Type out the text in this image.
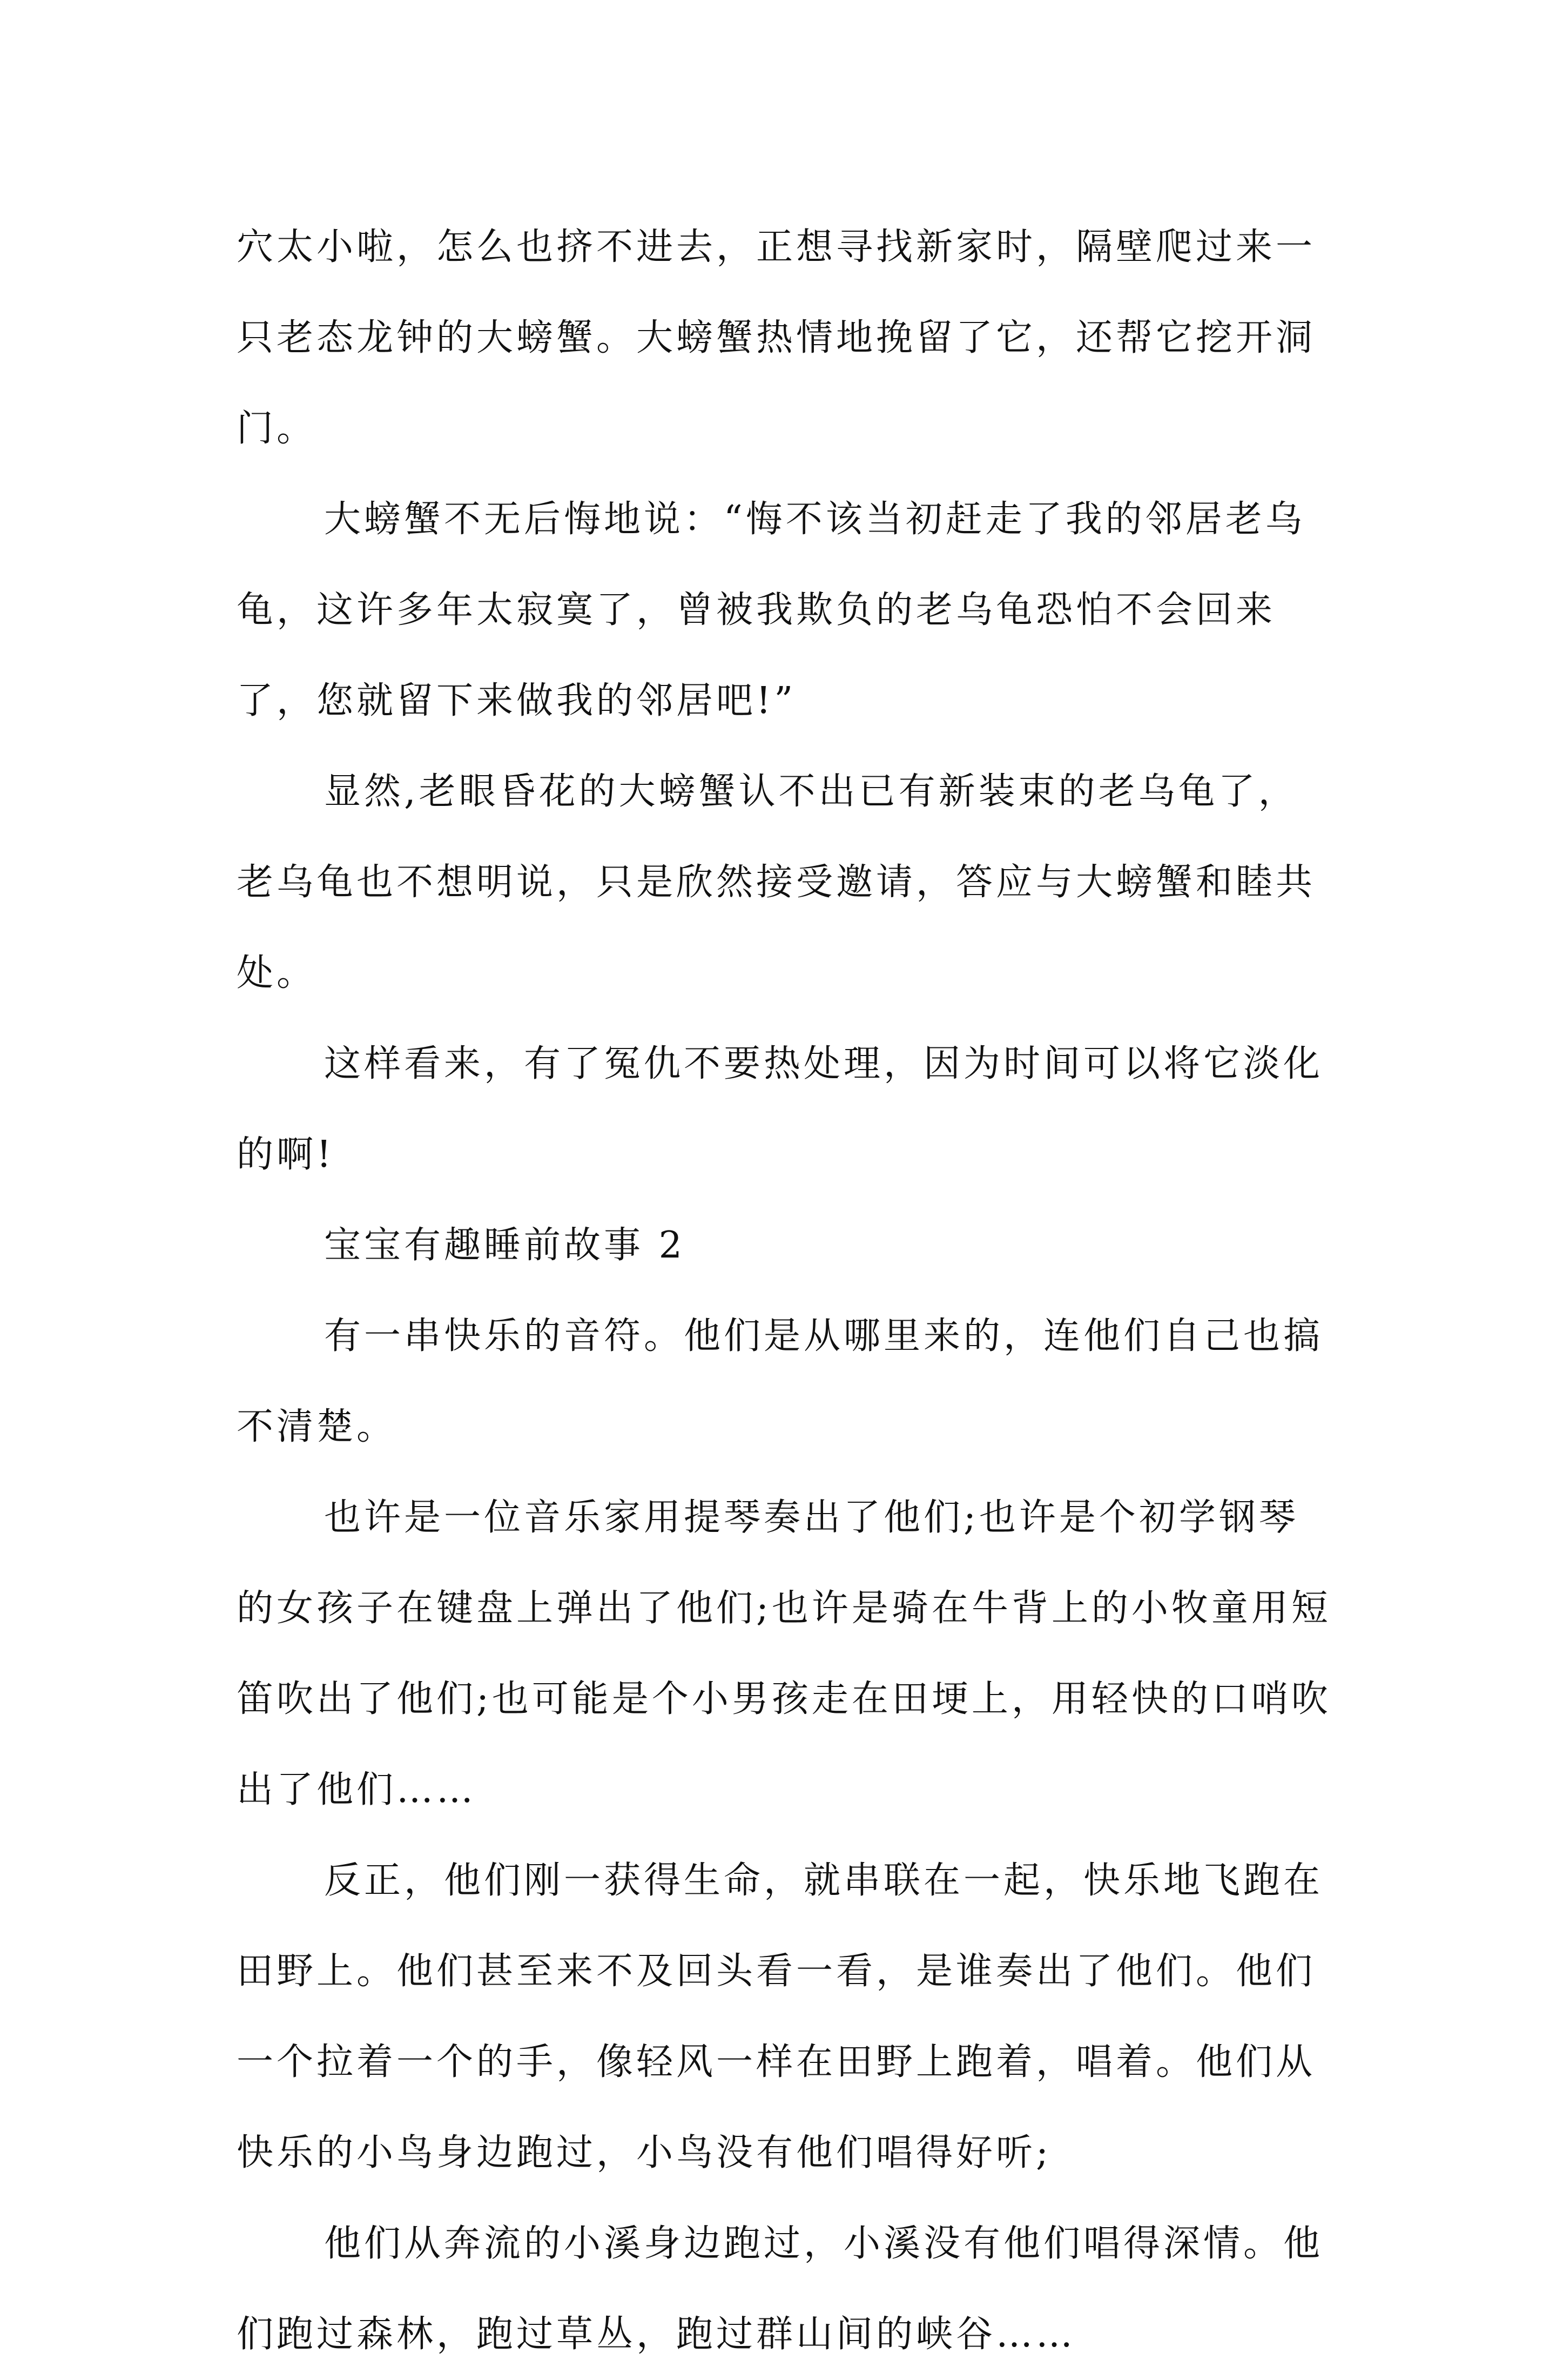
穴太小啦，怎么也挤不进去，正想寻找新家时，隔壁爬过来一只老态龙钟的大螃蟹。大螃蟹热情地挽留了它，还帮它挖开洞门。

大螃蟹不无后悔地说：“悔不该当初赶走了我的邻居老乌龟，这许多年太寂寞了，曾被我欺负的老乌龟恐怕不会回来了，您就留下来做我的邻居吧!”

显然,老眼昏花的大螃蟹认不出已有新装束的老乌龟了，老乌龟也不想明说，只是欣然接受邀请，答应与大螃蟹和睦共处。

这样看来，有了冤仇不要热处理，因为时间可以将它淡化的啊!

宝宝有趣睡前故事 2

有一串快乐的音符。他们是从哪里来的，连他们自己也搞不清楚。

也许是一位音乐家用提琴奏出了他们;也许是个初学钢琴的女孩子在键盘上弹出了他们;也许是骑在牛背上的小牧童用短笛吹出了他们;也可能是个小男孩走在田埂上，用轻快的口哨吹出了他们……

反正，他们刚一获得生命，就串联在一起，快乐地飞跑在田野上。他们甚至来不及回头看一看，是谁奏出了他们。他们一个拉着一个的手，像轻风一样在田野上跑着，唱着。他们从快乐的小鸟身边跑过，小鸟没有他们唱得好听;

他们从奔流的小溪身边跑过，小溪没有他们唱得深情。他们跑过森林，跑过草丛，跑过群山间的峡谷……
